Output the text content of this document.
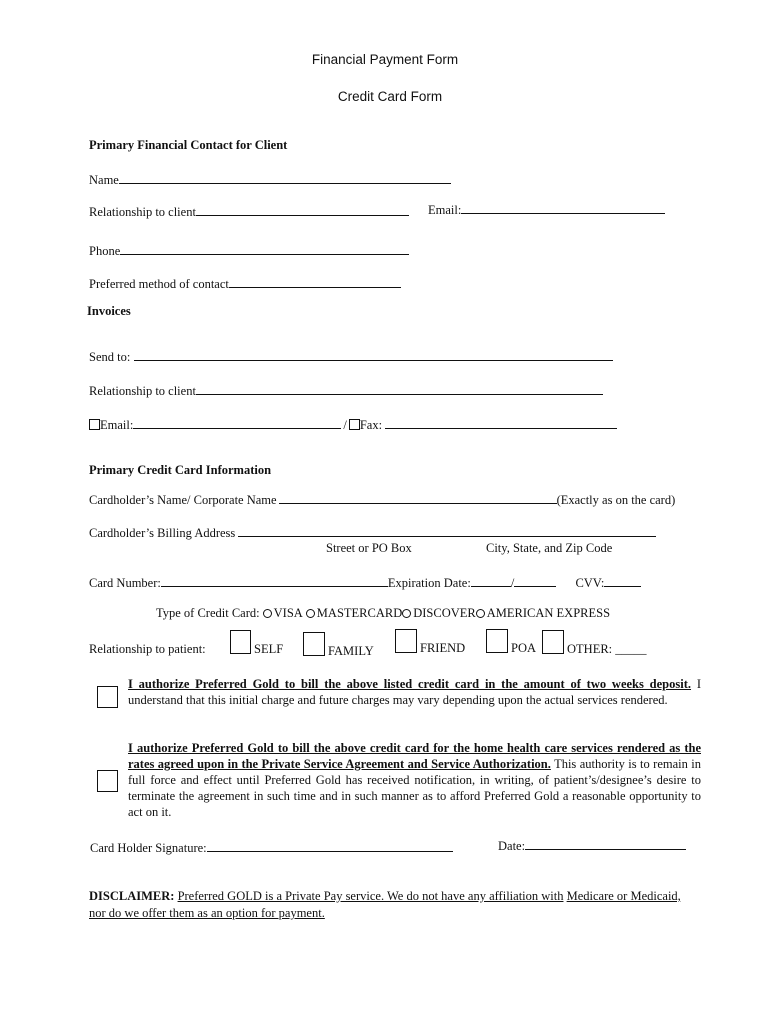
Financial Payment Form
Credit Card Form
Primary Financial Contact for Client
Name
Relationship to client	Email:
Phone
Preferred method of contact
Invoices
Send to:
Relationship to client
Email:	/ Fax:
Primary Credit Card Information
Cardholder’s Name/ Corporate Name	(Exactly as on the card)
Cardholder’s Billing Address
Street or PO Box	City, State, and Zip Code
Card Number:	Expiration Date:	/	CVV:
Type of Credit Card: VISA MASTERCARD DISCOVER AMERICAN EXPRESS
Relationship to patient:	SELF	FAMILY	FRIEND	POA OTHER: _____

I authorize Preferred Gold to bill the above listed credit card in the amount of two weeks deposit. I understand that this initial charge and future charges may vary depending upon the actual services rendered.

I authorize Preferred Gold to bill the above credit card for the home health care services rendered as the rates agreed upon in the Private Service Agreement and Service Authorization. This authority is to remain in full force and effect until Preferred Gold has received notification, in writing, of patient’s/designee’s desire to terminate the agreement in such time and in such manner as to afford Preferred Gold a reasonable opportunity to act on it.

Card Holder Signature:	Date:

DISCLAIMER: Preferred GOLD is a Private Pay service. We do not have any affiliation with Medicare or Medicaid, nor do we offer them as an option for payment.
